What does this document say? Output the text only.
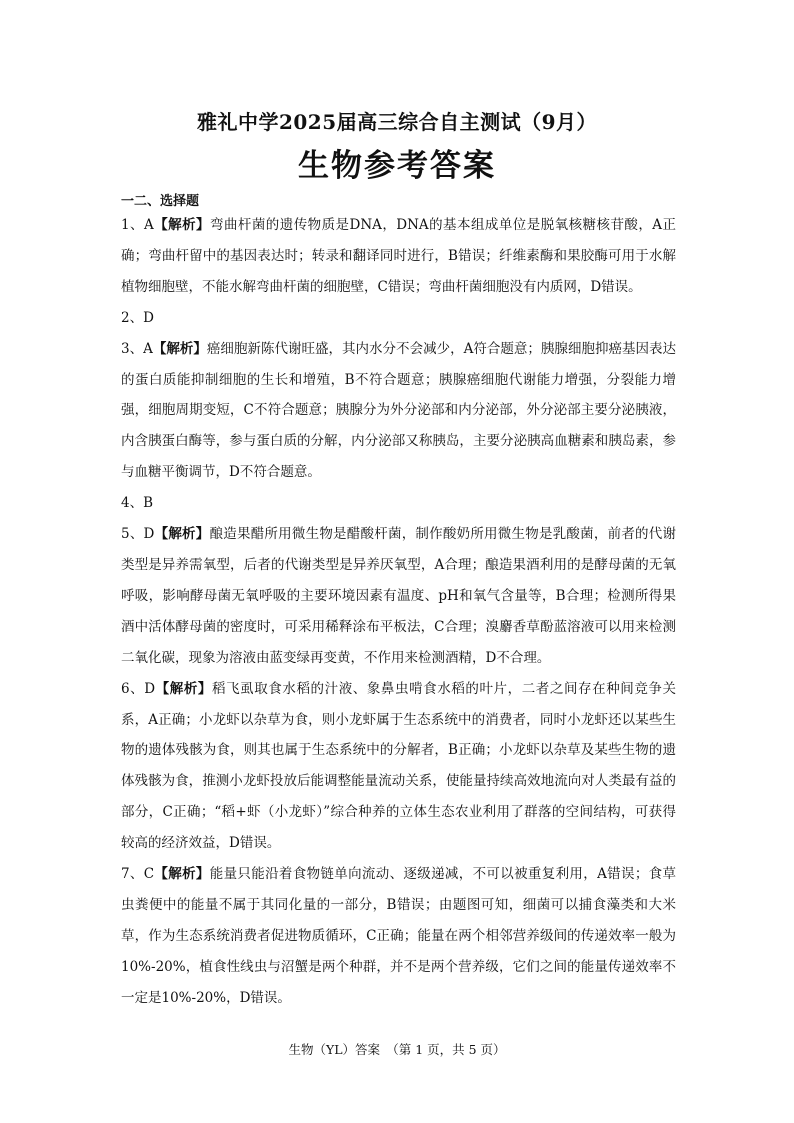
雅礼中学2025届高三综合自主测试（9月）
生物参考答案
一二、选择题

1、A【解析】弯曲杆菌的遗传物质是DNA，DNA的基本组成单位是脱氧核糖核苷酸，A正确；弯曲杆留中的基因表达时；转录和翻译同时进行，B错误；纤维素酶和果胶酶可用于水解植物细胞壁，不能水解弯曲杆菌的细胞壁，C错误；弯曲杆菌细胞没有内质网，D错误。

2、D

3、A【解析】癌细胞新陈代谢旺盛，其内水分不会减少，A符合题意；胰腺细胞抑癌基因表达的蛋白质能抑制细胞的生长和增殖，B不符合题意；胰腺癌细胞代谢能力增强，分裂能力增强，细胞周期变短，C不符合题意；胰腺分为外分泌部和内分泌部，外分泌部主要分泌胰液，内含胰蛋白酶等，参与蛋白质的分解，内分泌部又称胰岛，主要分泌胰高血糖素和胰岛素，参与血糖平衡调节，D不符合题意。

4、B

5、D【解析】酿造果醋所用微生物是醋酸杆菌，制作酸奶所用微生物是乳酸菌，前者的代谢类型是异养需氧型，后者的代谢类型是异养厌氧型，A合理；酿造果酒利用的是酵母菌的无氧呼吸，影响酵母菌无氧呼吸的主要环境因素有温度、pH和氧气含量等，B合理；检测所得果酒中活体酵母菌的密度时，可采用稀释涂布平板法，C合理；溴麝香草酚蓝溶液可以用来检测二氧化碳，现象为溶液由蓝变绿再变黄，不作用来检测酒精，D不合理。

6、D【解析】稻飞虱取食水稻的汁液、象鼻虫啃食水稻的叶片，二者之间存在种间竞争关系，A正确；小龙虾以杂草为食，则小龙虾属于生态系统中的消费者，同时小龙虾还以某些生物的遗体残骸为食，则其也属于生态系统中的分解者，B正确；小龙虾以杂草及某些生物的遗体残骸为食，推测小龙虾投放后能调整能量流动关系，使能量持续高效地流向对人类最有益的部分，C正确；“稻+虾（小龙虾）”综合种养的立体生态农业利用了群落的空间结构，可获得较高的经济效益，D错误。

7、C【解析】能量只能沿着食物链单向流动、逐级递减，不可以被重复利用，A错误；食草虫粪便中的能量不属于其同化量的一部分，B错误；由题图可知，细菌可以捕食藻类和大米草，作为生态系统消费者促进物质循环，C正确；能量在两个相邻营养级间的传递效率一般为10%-20%，植食性线虫与沼蟹是两个种群，并不是两个营养级，它们之间的能量传递效率不一定是10%-20%，D错误。

生物（YL）答案　（第 1 页，共 5 页）
